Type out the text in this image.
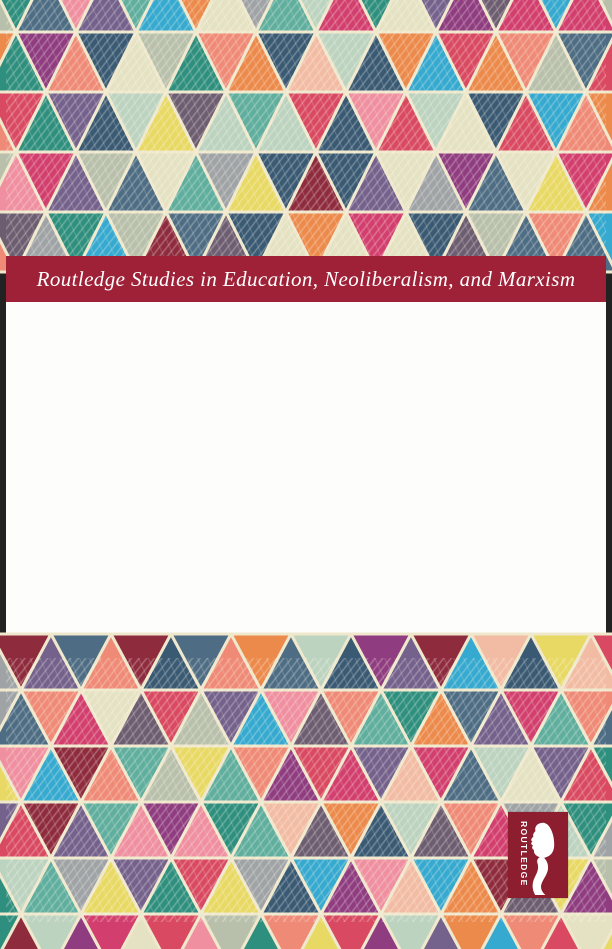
Routledge Studies in Education, Neoliberalism, and Marxism
ROUTLEDGE
